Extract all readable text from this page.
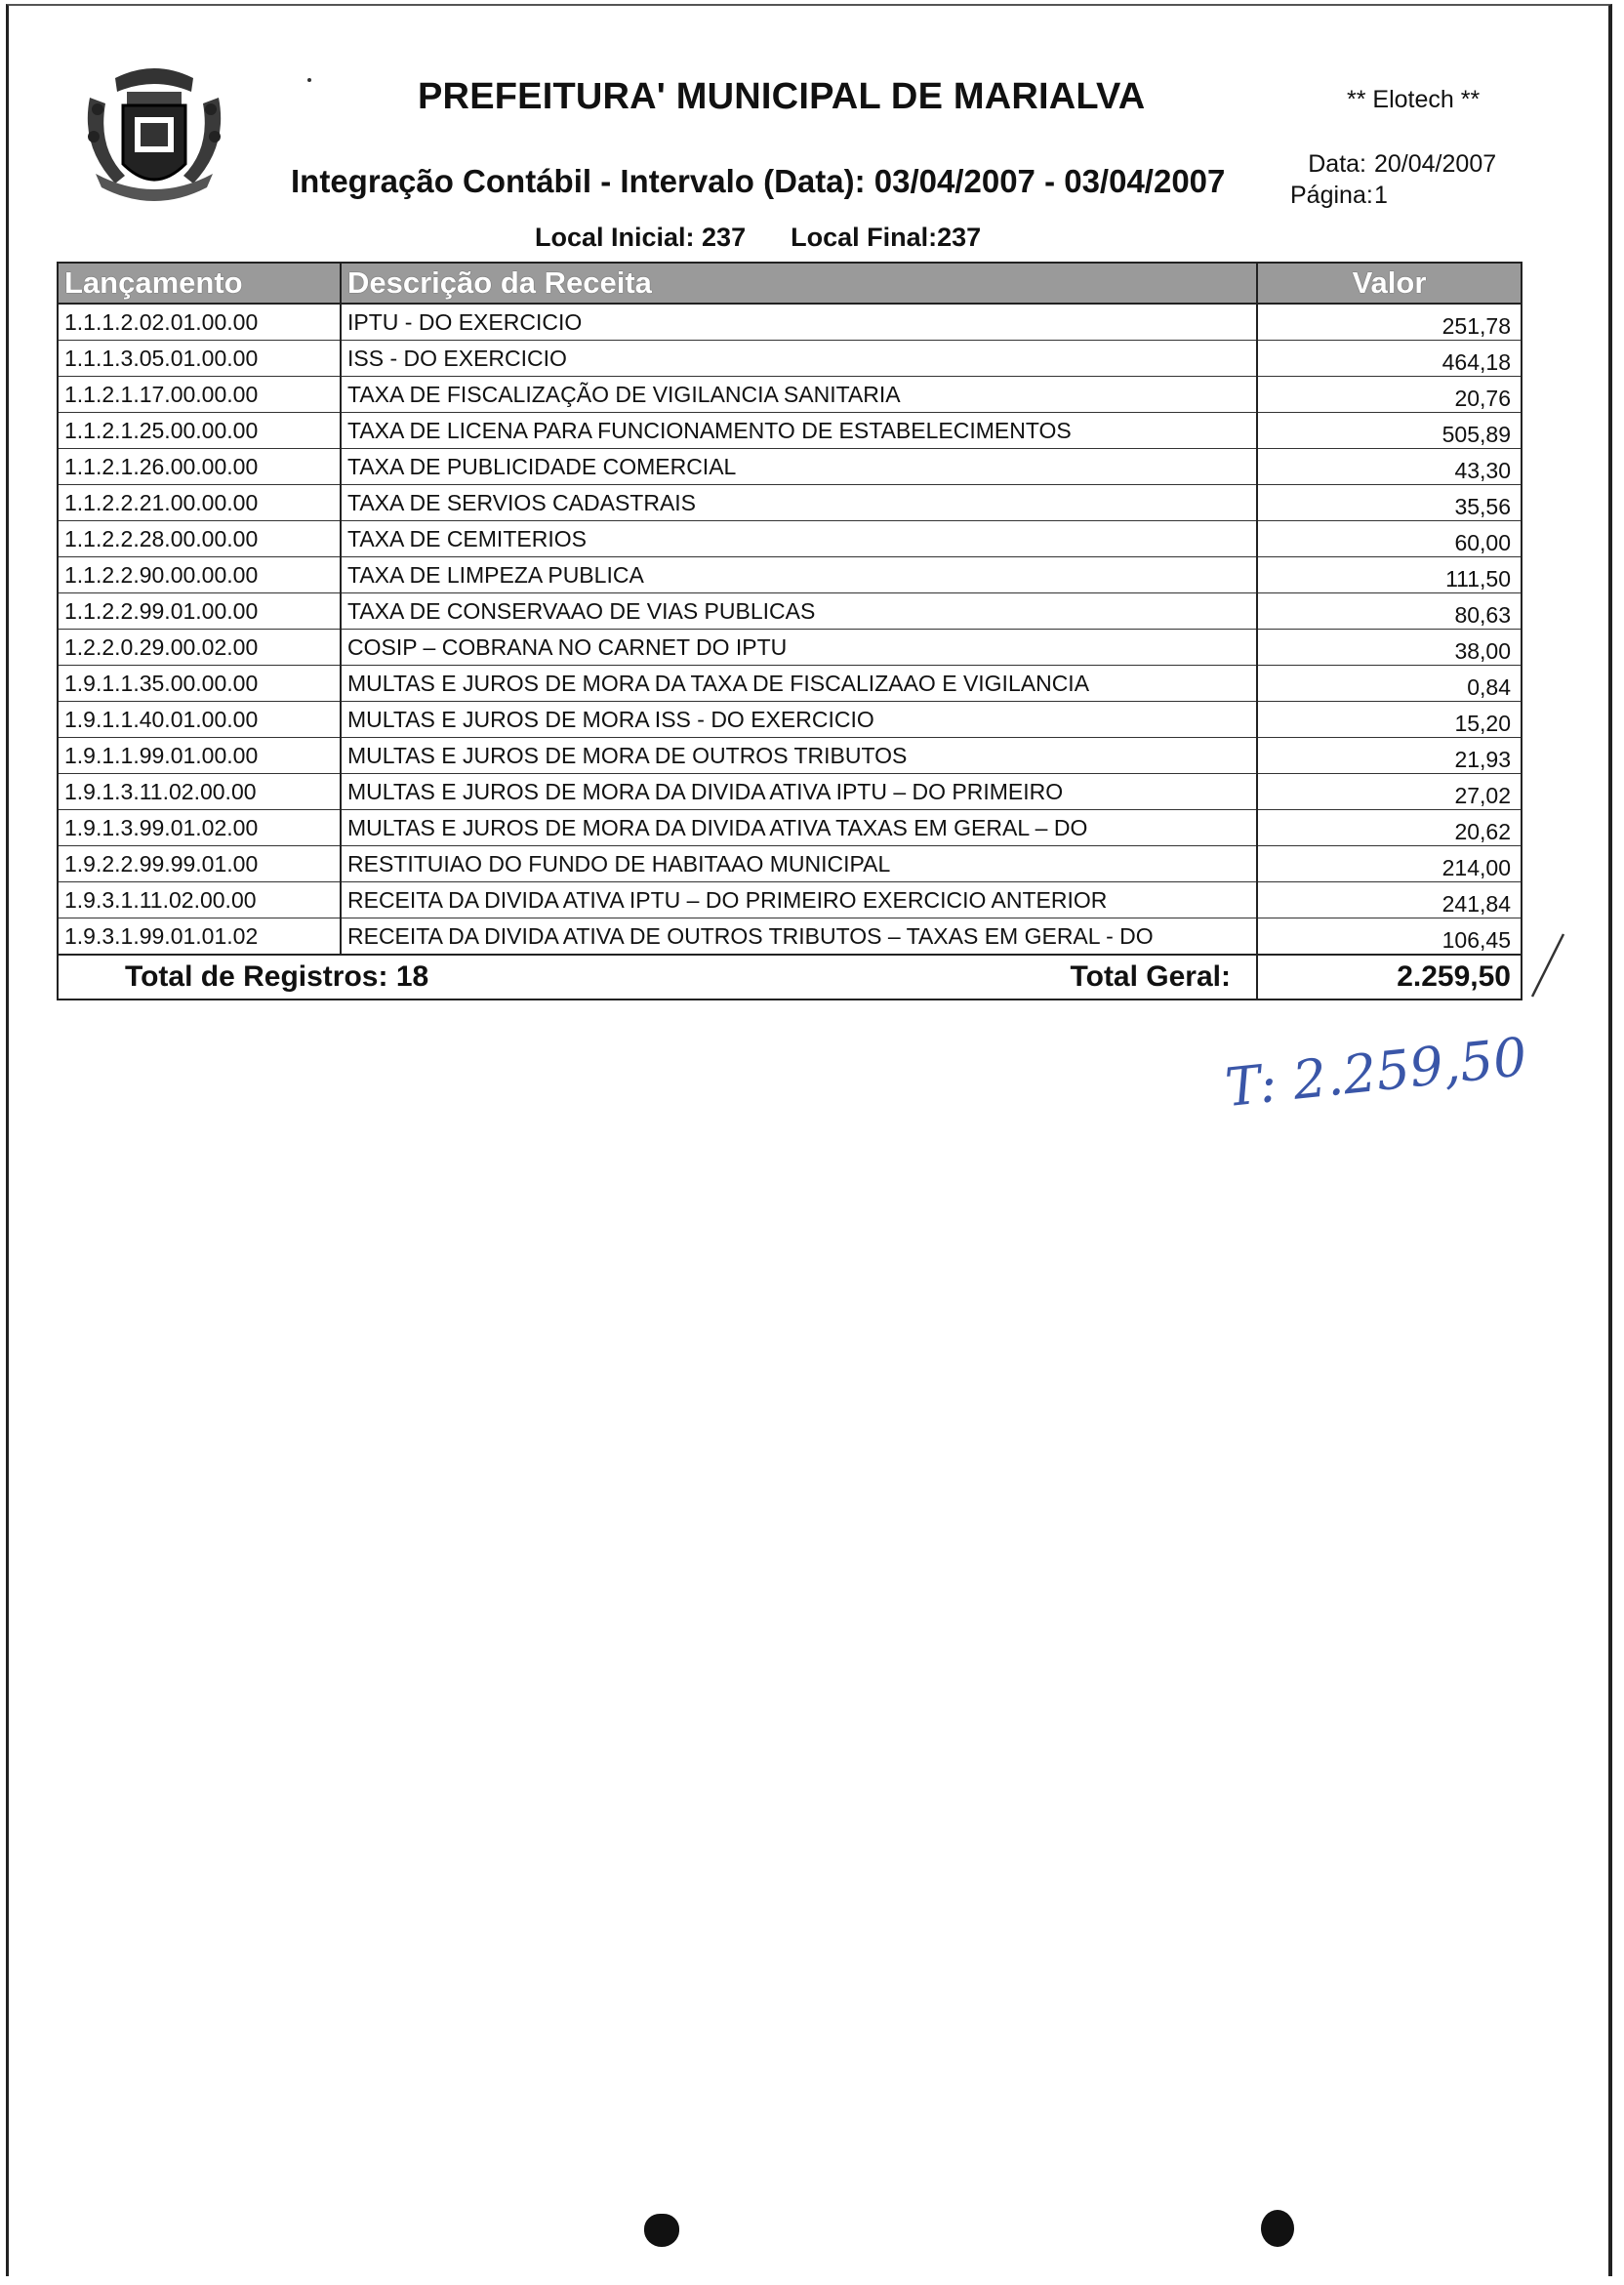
PREFEITURA' MUNICIPAL DE MARIALVA	** Elotech **
Integração Contábil - Intervalo (Data): 03/04/2007 - 03/04/2007	Data: 20/04/2007
Página:1
Local Inicial: 237 Local Final:237
Lançamento	Descrição da Receita	Valor
1.1.1.2.02.01.00.00	IPTU - DO EXERCICIO	251,78
1.1.1.3.05.01.00.00	ISS - DO EXERCICIO	464,18
1.1.2.1.17.00.00.00	TAXA DE FISCALIZAÇÃO DE VIGILANCIA SANITARIA	20,76
1.1.2.1.25.00.00.00	TAXA DE LICENA PARA FUNCIONAMENTO DE ESTABELECIMENTOS	505,89
1.1.2.1.26.00.00.00	TAXA DE PUBLICIDADE COMERCIAL	43,30
1.1.2.2.21.00.00.00	TAXA DE SERVIOS CADASTRAIS	35,56
1.1.2.2.28.00.00.00	TAXA DE CEMITERIOS	60,00
1.1.2.2.90.00.00.00	TAXA DE LIMPEZA PUBLICA	111,50
1.1.2.2.99.01.00.00	TAXA DE CONSERVAAO DE VIAS PUBLICAS	80,63
1.2.2.0.29.00.02.00	COSIP – COBRANA NO CARNET DO IPTU	38,00
1.9.1.1.35.00.00.00	MULTAS E JUROS DE MORA DA TAXA DE FISCALIZAAO E VIGILANCIA	0,84
1.9.1.1.40.01.00.00	MULTAS E JUROS DE MORA ISS - DO EXERCICIO	15,20
1.9.1.1.99.01.00.00	MULTAS E JUROS DE MORA DE OUTROS TRIBUTOS	21,93
1.9.1.3.11.02.00.00	MULTAS E JUROS DE MORA DA DIVIDA ATIVA IPTU – DO PRIMEIRO	27,02
1.9.1.3.99.01.02.00	MULTAS E JUROS DE MORA DA DIVIDA ATIVA TAXAS EM GERAL – DO	20,62
1.9.2.2.99.99.01.00	RESTITUIAO DO FUNDO DE HABITAAO MUNICIPAL	214,00
1.9.3.1.11.02.00.00	RECEITA DA DIVIDA ATIVA IPTU – DO PRIMEIRO EXERCICIO ANTERIOR	241,84
1.9.3.1.99.01.01.02	RECEITA DA DIVIDA ATIVA DE OUTROS TRIBUTOS – TAXAS EM GERAL - DO	106,45

Total de Registros: 18 Total Geral:		2.259,50
T: 2.259,50
